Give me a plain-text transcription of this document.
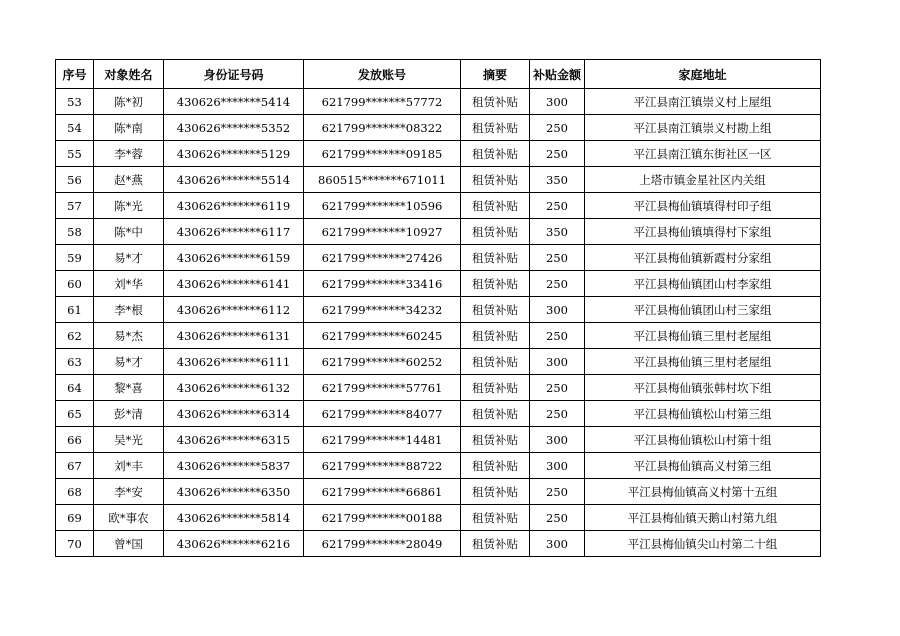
序号	对象姓名	身份证号码	发放账号	摘要	补贴金额	家庭地址
53	陈*初	430626*******5414	621799*******57772	租赁补贴	300	平江县南江镇崇义村上屋组
54	陈*南	430626*******5352	621799*******08322	租赁补贴	250	平江县南江镇崇义村勘上组
55	李*蓉	430626*******5129	621799*******09185	租赁补贴	250	平江县南江镇东街社区一区
56	赵*燕	430626*******5514	860515*******671011	租赁补贴	350	上塔市镇金星社区内关组
57	陈*光	430626*******6119	621799*******10596	租赁补贴	250	平江县梅仙镇填得村印子组
58	陈*中	430626*******6117	621799*******10927	租赁补贴	350	平江县梅仙镇填得村下家组
59	易*才	430626*******6159	621799*******27426	租赁补贴	250	平江县梅仙镇新霞村分家组
60	刘*华	430626*******6141	621799*******33416	租赁补贴	250	平江县梅仙镇团山村李家组
61	李*根	430626*******6112	621799*******34232	租赁补贴	300	平江县梅仙镇团山村三家组
62	易*杰	430626*******6131	621799*******60245	租赁补贴	250	平江县梅仙镇三里村老屋组
63	易*才	430626*******6111	621799*******60252	租赁补贴	300	平江县梅仙镇三里村老屋组
64	黎*喜	430626*******6132	621799*******57761	租赁补贴	250	平江县梅仙镇张韩村坎下组
65	彭*清	430626*******6314	621799*******84077	租赁补贴	250	平江县梅仙镇松山村第三组
66	吴*光	430626*******6315	621799*******14481	租赁补贴	300	平江县梅仙镇松山村第十组
67	刘*丰	430626*******5837	621799*******88722	租赁补贴	300	平江县梅仙镇高义村第三组
68	李*安	430626*******6350	621799*******66861	租赁补贴	250	平江县梅仙镇高义村第十五组
69	欧*事农	430626*******5814	621799*******00188	租赁补贴	250	平江县梅仙镇天鹅山村第九组
70	曾*国	430626*******6216	621799*******28049	租赁补贴	300	平江县梅仙镇尖山村第二十组
